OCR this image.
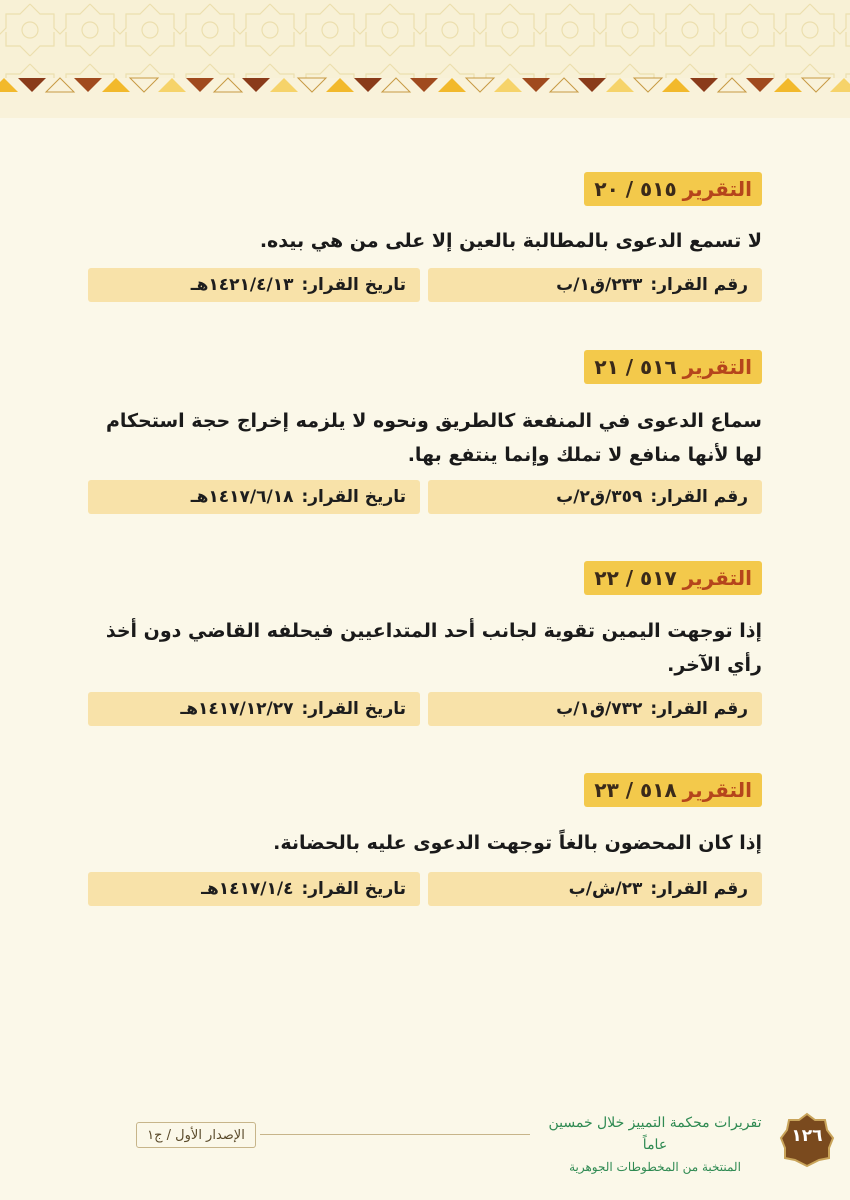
التقرير
٥١٥ / ٢٠
لا تسمع الدعوى بالمطالبة بالعين إلا على من هي بيده.
رقم القرار:
٢٣٣/ق١/ب
تاريخ القرار:
١٤٢١/٤/١٣هـ
التقرير
٥١٦ / ٢١
سماع الدعوى في المنفعة كالطريق ونحوه لا يلزمه إخراج حجة استحكام لها لأنها منافع لا تملك وإنما ينتفع بها.
رقم القرار:
٣٥٩/ق٢/ب
تاريخ القرار:
١٤١٧/٦/١٨هـ
التقرير
٥١٧ / ٢٢
إذا توجهت اليمين تقوية لجانب أحد المتداعيين فيحلفه القاضي دون أخذ رأي الآخر.
رقم القرار:
٧٣٢/ق١/ب
تاريخ القرار:
١٤١٧/١٢/٢٧هـ
التقرير
٥١٨ / ٢٣
إذا كان المحضون بالغاً توجهت الدعوى عليه بالحضانة.
رقم القرار:
٢٣/ش/ب
تاريخ القرار:
١٤١٧/١/٤هـ
الإصدار الأول / ج١
تقريرات محكمة التمييز خلال خمسين عاماً
المنتخبة من المخطوطات الجوهرية
١٢٦
